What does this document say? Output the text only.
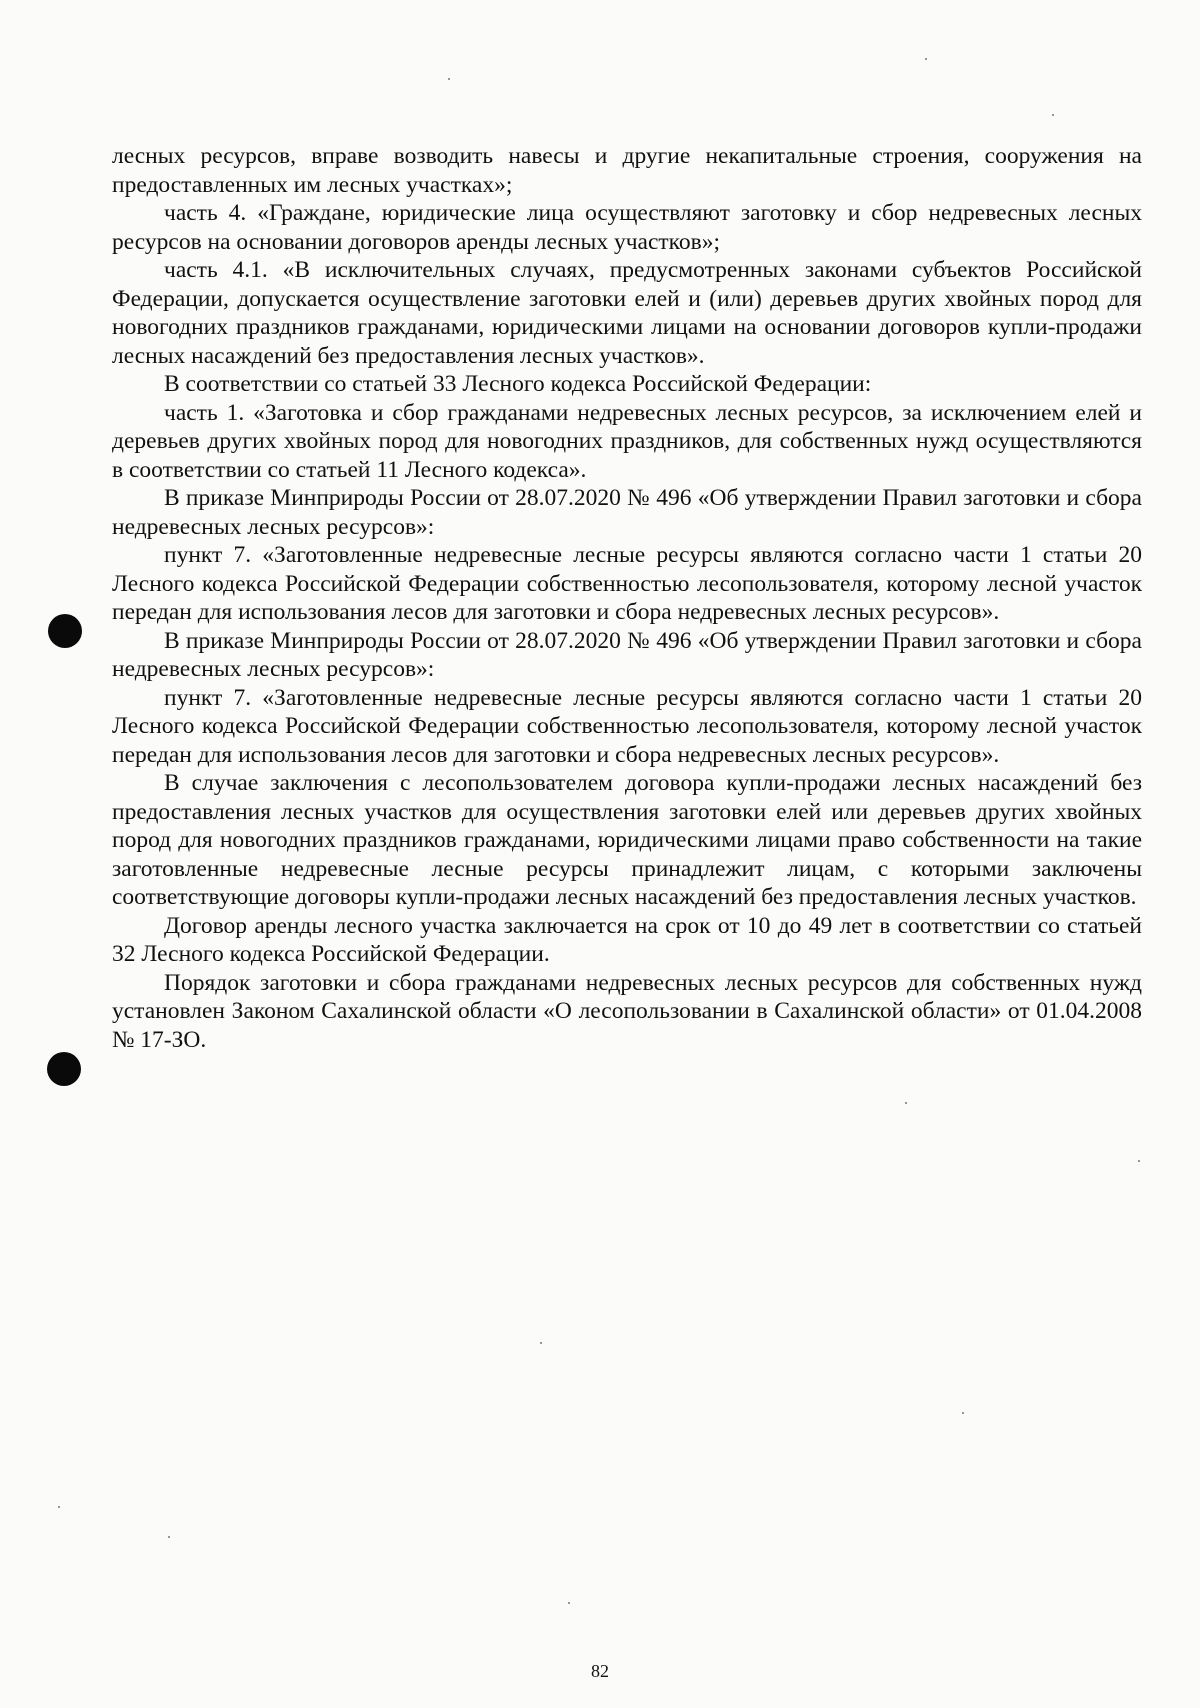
лесных ресурсов, вправе возводить навесы и другие некапитальные строения, сооружения на предоставленных им лесных участках»;

часть 4. «Граждане, юридические лица осуществляют заготовку и сбор недревесных лесных ресурсов на основании договоров аренды лесных участков»;

часть 4.1. «В исключительных случаях, предусмотренных законами субъектов Российской Федерации, допускается осуществление заготовки елей и (или) деревьев других хвойных пород для новогодних праздников гражданами, юридическими лицами на основании договоров купли-продажи лесных насаждений без предоставления лесных участков».

В соответствии со статьей 33 Лесного кодекса Российской Федерации:

часть 1. «Заготовка и сбор гражданами недревесных лесных ресурсов, за исключением елей и деревьев других хвойных пород для новогодних праздников, для собственных нужд осуществляются в соответствии со статьей 11 Лесного кодекса».

В приказе Минприроды России от 28.07.2020 № 496 «Об утверждении Правил заготовки и сбора недревесных лесных ресурсов»:

пункт 7. «Заготовленные недревесные лесные ресурсы являются согласно части 1 статьи 20 Лесного кодекса Российской Федерации собственностью лесопользователя, которому лесной участок передан для использования лесов для заготовки и сбора недревесных лесных ресурсов».

В приказе Минприроды России от 28.07.2020 № 496 «Об утверждении Правил заготовки и сбора недревесных лесных ресурсов»:

пункт 7. «Заготовленные недревесные лесные ресурсы являются согласно части 1 статьи 20 Лесного кодекса Российской Федерации собственностью лесопользователя, которому лесной участок передан для использования лесов для заготовки и сбора недревесных лесных ресурсов».

В случае заключения с лесопользователем договора купли-продажи лесных насаждений без предоставления лесных участков для осуществления заготовки елей или деревьев других хвойных пород для новогодних праздников гражданами, юридическими лицами право собственности на такие заготовленные недревесные лесные ресурсы принадлежит лицам, с которыми заключены соответствующие договоры купли-продажи лесных насаждений без предоставления лесных участков.

Договор аренды лесного участка заключается на срок от 10 до 49 лет в соответствии со статьей 32 Лесного кодекса Российской Федерации.

Порядок заготовки и сбора гражданами недревесных лесных ресурсов для собственных нужд установлен Законом Сахалинской области «О лесопользовании в Сахалинской области» от 01.04.2008 № 17-ЗО.

82
